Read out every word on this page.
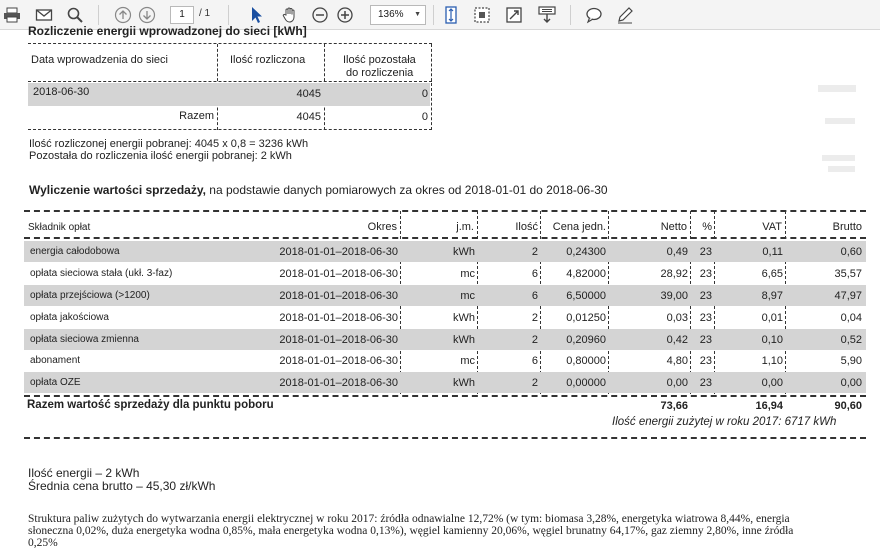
1	/ 1	136% ▼
Rozliczenie energii wprowadzonej do sieci [kWh]
Data wprowadzenia do sieci	Ilość rozliczona	Ilość pozostała
do rozliczenia
2018-06-30	4045	0
Razem	4045	0
Ilość rozliczonej energii pobranej: 4045 x 0,8 = 3236 kWh
Pozostała do rozliczenia ilość energii pobranej: 2 kWh
Wyliczenie wartości sprzedaży, na podstawie danych pomiarowych za okres od 2018-01-01 do 2018-06-30
Składnik opłat	Okres	j.m.	Ilość	Cena jedn.	Netto	%	VAT	Brutto
energia całodobowa	2018-01-01–2018-06-30	kWh	2	0,24300	0,49	23	0,11	0,60
opłata sieciowa stała (ukł. 3-faz)	2018-01-01–2018-06-30	mc	6	4,82000	28,92	23	6,65	35,57
opłata przejściowa (>1200)	2018-01-01–2018-06-30	mc	6	6,50000	39,00	23	8,97	47,97
opłata jakościowa	2018-01-01–2018-06-30	kWh	2	0,01250	0,03	23	0,01	0,04
opłata sieciowa zmienna	2018-01-01–2018-06-30	kWh	2	0,20960	0,42	23	0,10	0,52
abonament	2018-01-01–2018-06-30	mc	6	0,80000	4,80	23	1,10	5,90
opłata OZE	2018-01-01–2018-06-30	kWh	2	0,00000	0,00	23	0,00	0,00
Razem wartość sprzedaży dla punktu poboru	73,66	16,94	90,60
Ilość energii zużytej w roku 2017: 6717 kWh
Ilość energii – 2 kWh
Średnia cena brutto – 45,30 zł/kWh
Struktura paliw zużytych do wytwarzania energii elektrycznej w roku 2017: źródła odnawialne 12,72% (w tym: biomasa 3,28%, energetyka wiatrowa 8,44%, energia
słoneczna 0,02%, duża energetyka wodna 0,85%, mała energetyka wodna 0,13%), węgiel kamienny 20,06%, węgiel brunatny 64,17%, gaz ziemny 2,80%, inne źródła
0,25%
